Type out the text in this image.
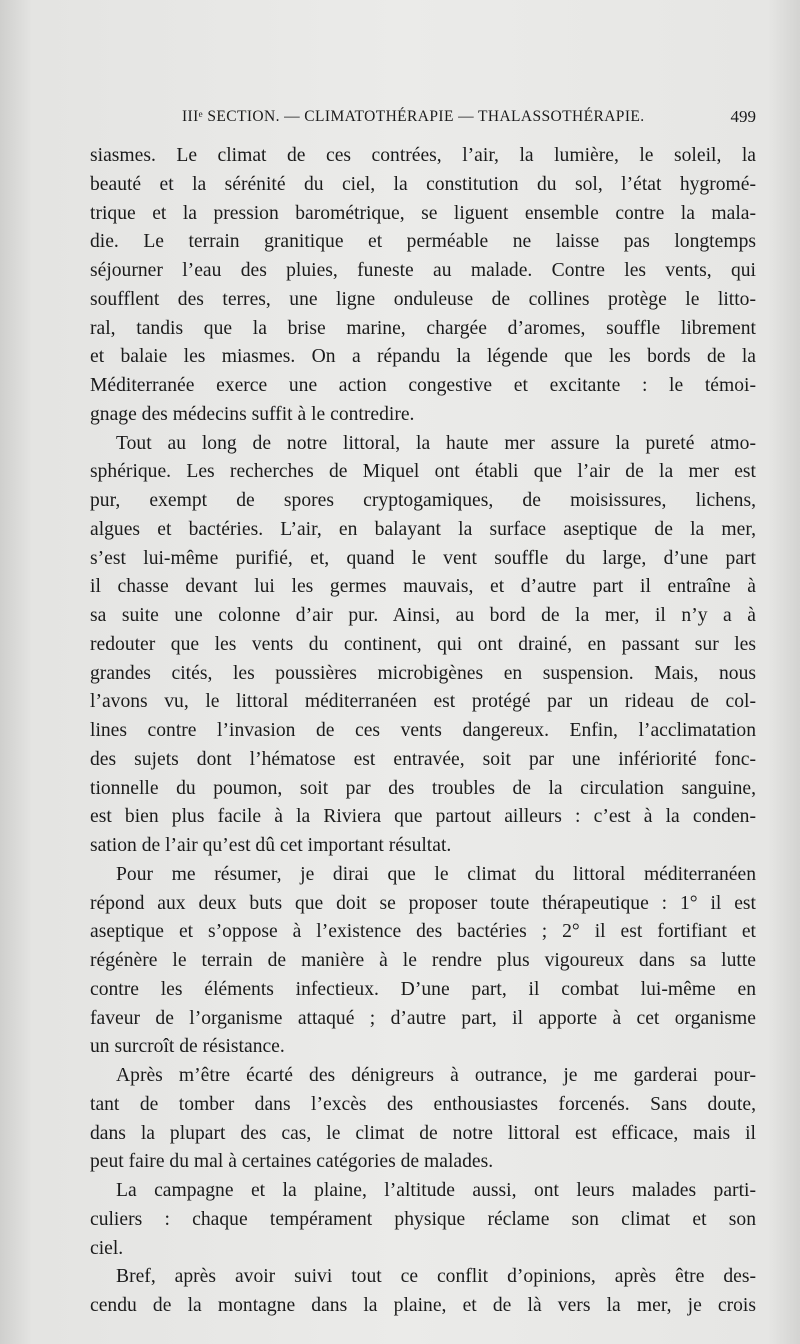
IIIᵉ SECTION. — CLIMATOTHÉRAPIE — THALASSOTHÉRAPIE.	499
siasmes. Le climat de ces contrées, l’air, la lumière, le soleil, la
beauté et la sérénité du ciel, la constitution du sol, l’état hygromé-
trique et la pression barométrique, se liguent ensemble contre la mala-
die. Le terrain granitique et perméable ne laisse pas longtemps
séjourner l’eau des pluies, funeste au malade. Contre les vents, qui
soufflent des terres, une ligne onduleuse de collines protège le litto-
ral, tandis que la brise marine, chargée d’aromes, souffle librement
et balaie les miasmes. On a répandu la légende que les bords de la
Méditerranée exerce une action congestive et excitante : le témoi-
gnage des médecins suffit à le contredire.
Tout au long de notre littoral, la haute mer assure la pureté atmo-
sphérique. Les recherches de Miquel ont établi que l’air de la mer est
pur, exempt de spores cryptogamiques, de moisissures, lichens,
algues et bactéries. L’air, en balayant la surface aseptique de la mer,
s’est lui-même purifié, et, quand le vent souffle du large, d’une part
il chasse devant lui les germes mauvais, et d’autre part il entraîne à
sa suite une colonne d’air pur. Ainsi, au bord de la mer, il n’y a à
redouter que les vents du continent, qui ont drainé, en passant sur les
grandes cités, les poussières microbigènes en suspension. Mais, nous
l’avons vu, le littoral méditerranéen est protégé par un rideau de col-
lines contre l’invasion de ces vents dangereux. Enfin, l’acclimatation
des sujets dont l’hématose est entravée, soit par une infériorité fonc-
tionnelle du poumon, soit par des troubles de la circulation sanguine,
est bien plus facile à la Riviera que partout ailleurs : c’est à la conden-
sation de l’air qu’est dû cet important résultat.
Pour me résumer, je dirai que le climat du littoral méditerranéen
répond aux deux buts que doit se proposer toute thérapeutique : 1° il est
aseptique et s’oppose à l’existence des bactéries ; 2° il est fortifiant et
régénère le terrain de manière à le rendre plus vigoureux dans sa lutte
contre les éléments infectieux. D’une part, il combat lui-même en
faveur de l’organisme attaqué ; d’autre part, il apporte à cet organisme
un surcroît de résistance.
Après m’être écarté des dénigreurs à outrance, je me garderai pour-
tant de tomber dans l’excès des enthousiastes forcenés. Sans doute,
dans la plupart des cas, le climat de notre littoral est efficace, mais il
peut faire du mal à certaines catégories de malades.
La campagne et la plaine, l’altitude aussi, ont leurs malades parti-
culiers : chaque tempérament physique réclame son climat et son
ciel.
Bref, après avoir suivi tout ce conflit d’opinions, après être des-
cendu de la montagne dans la plaine, et de là vers la mer, je crois
